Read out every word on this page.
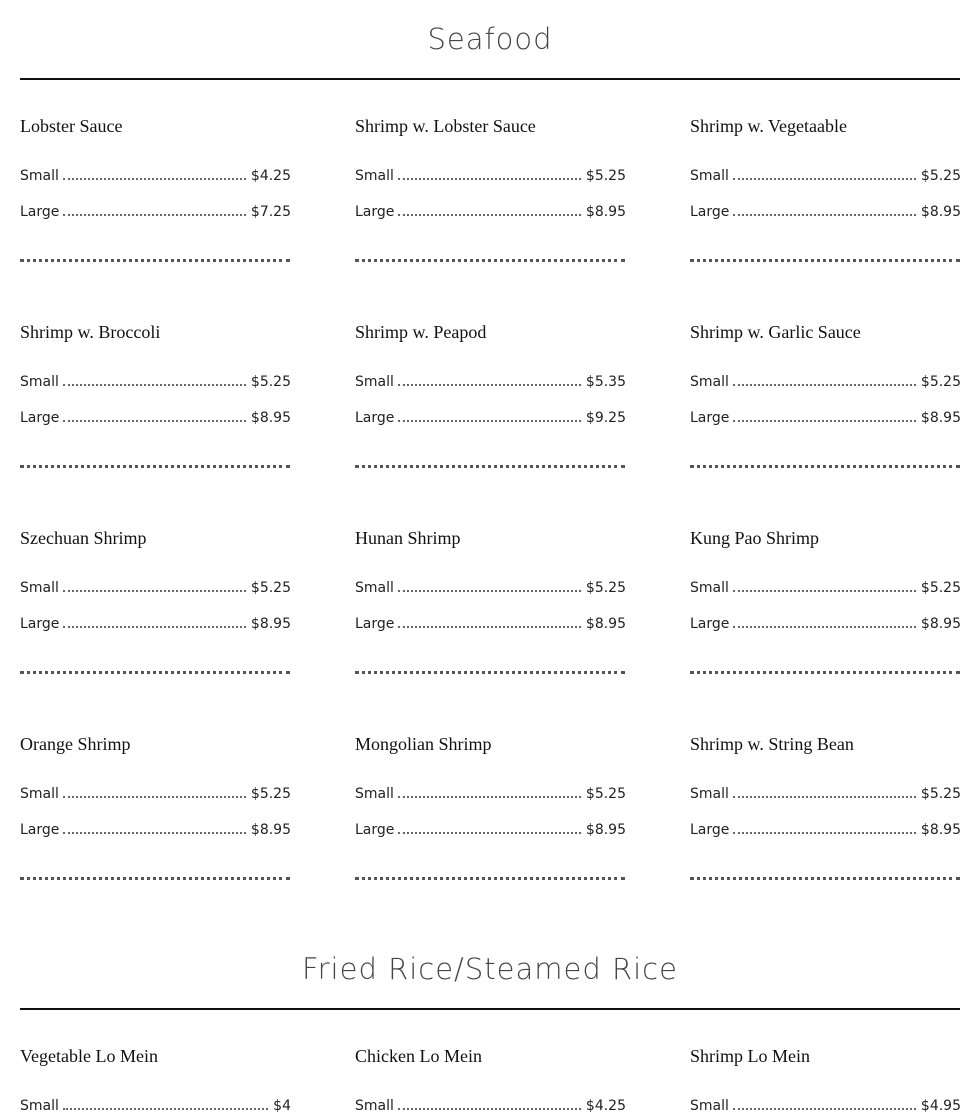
Seafood
Lobster Sauce
Small	$4.25
Large	$7.25
Shrimp w. Lobster Sauce
Small	$5.25
Large	$8.95
Shrimp w. Vegetaable
Small	$5.25
Large	$8.95
Shrimp w. Broccoli
Small	$5.25
Large	$8.95
Shrimp w. Peapod
Small	$5.35
Large	$9.25
Shrimp w. Garlic Sauce
Small	$5.25
Large	$8.95
Szechuan Shrimp
Small	$5.25
Large	$8.95
Hunan Shrimp
Small	$5.25
Large	$8.95
Kung Pao Shrimp
Small	$5.25
Large	$8.95
Orange Shrimp
Small	$5.25
Large	$8.95
Mongolian Shrimp
Small	$5.25
Large	$8.95
Shrimp w. String Bean
Small	$5.25
Large	$8.95
Fried Rice/Steamed Rice
Vegetable Lo Mein
Small	$4
Chicken Lo Mein
Small	$4.25
Shrimp Lo Mein
Small	$4.95
